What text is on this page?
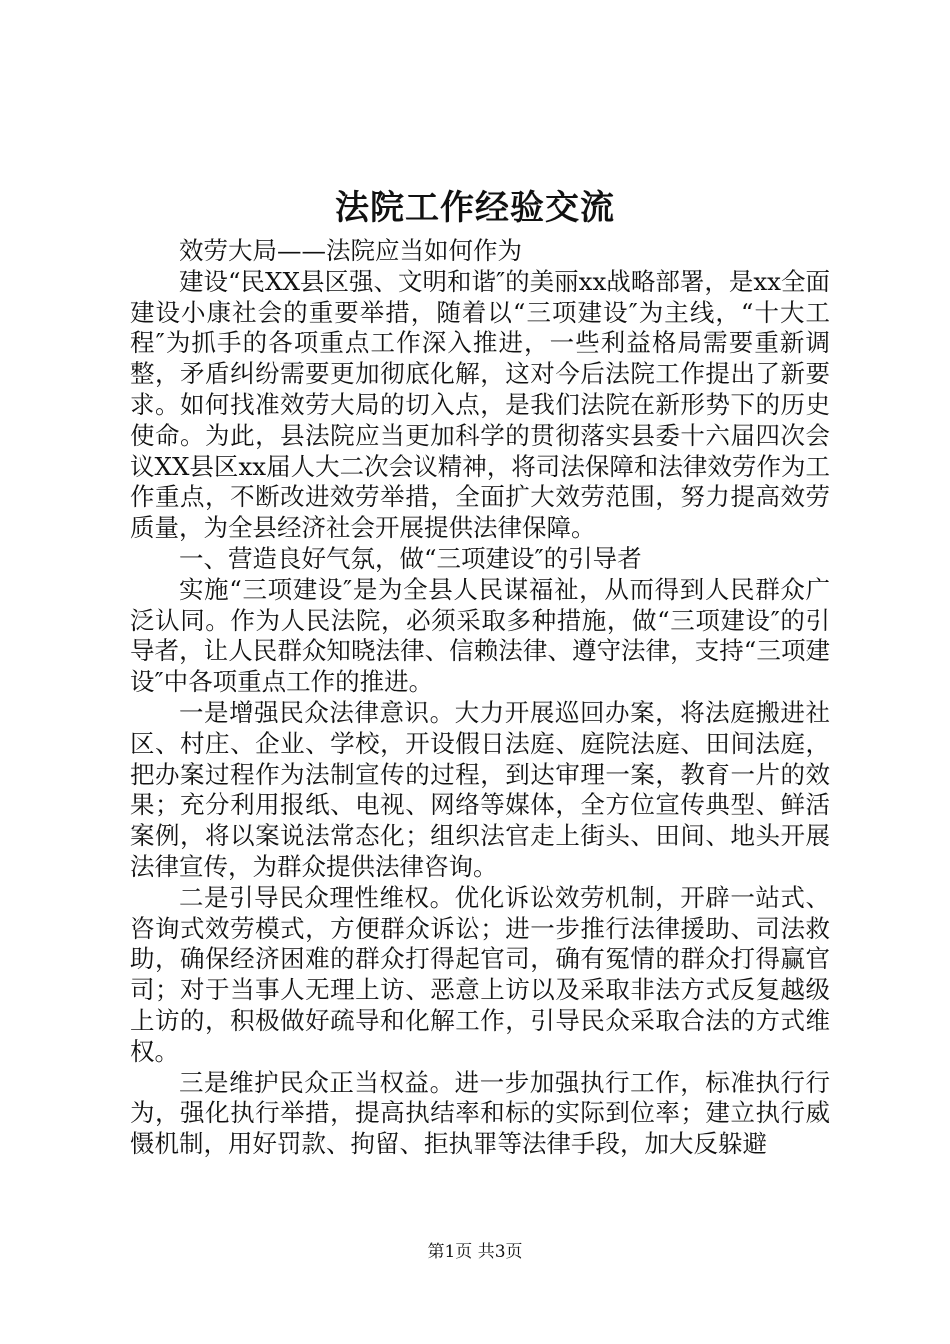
法院工作经验交流

效劳大局——法院应当如何作为

建设“民XX县区强、文明和谐″的美丽xx战略部署，是xx全面建设小康社会的重要举措，随着以“三项建设″为主线，“十大工程″为抓手的各项重点工作深入推进，一些利益格局需要重新调整，矛盾纠纷需要更加彻底化解，这对今后法院工作提出了新要求。如何找准效劳大局的切入点，是我们法院在新形势下的历史使命。为此，县法院应当更加科学的贯彻落实县委十六届四次会议XX县区xx届人大二次会议精神，将司法保障和法律效劳作为工作重点，不断改进效劳举措，全面扩大效劳范围，努力提高效劳质量，为全县经济社会开展提供法律保障。

一、营造良好气氛，做“三项建设″的引导者

实施“三项建设″是为全县人民谋福祉，从而得到人民群众广泛认同。作为人民法院，必须采取多种措施，做“三项建设″的引导者，让人民群众知晓法律、信赖法律、遵守法律，支持“三项建设″中各项重点工作的推进。

一是增强民众法律意识。大力开展巡回办案，将法庭搬进社区、村庄、企业、学校，开设假日法庭、庭院法庭、田间法庭，把办案过程作为法制宣传的过程，到达审理一案，教育一片的效果；充分利用报纸、电视、网络等媒体，全方位宣传典型、鲜活案例，将以案说法常态化；组织法官走上街头、田间、地头开展法律宣传，为群众提供法律咨询。

二是引导民众理性维权。优化诉讼效劳机制，开辟一站式、咨询式效劳模式，方便群众诉讼；进一步推行法律援助、司法救助，确保经济困难的群众打得起官司，确有冤情的群众打得赢官司；对于当事人无理上访、恶意上访以及采取非法方式反复越级上访的，积极做好疏导和化解工作，引导民众采取合法的方式维权。

三是维护民众正当权益。进一步加强执行工作，标准执行行为，强化执行举措，提高执结率和标的实际到位率；建立执行威慑机制，用好罚款、拘留、拒执罪等法律手段，加大反躲避

第1页 共3页
